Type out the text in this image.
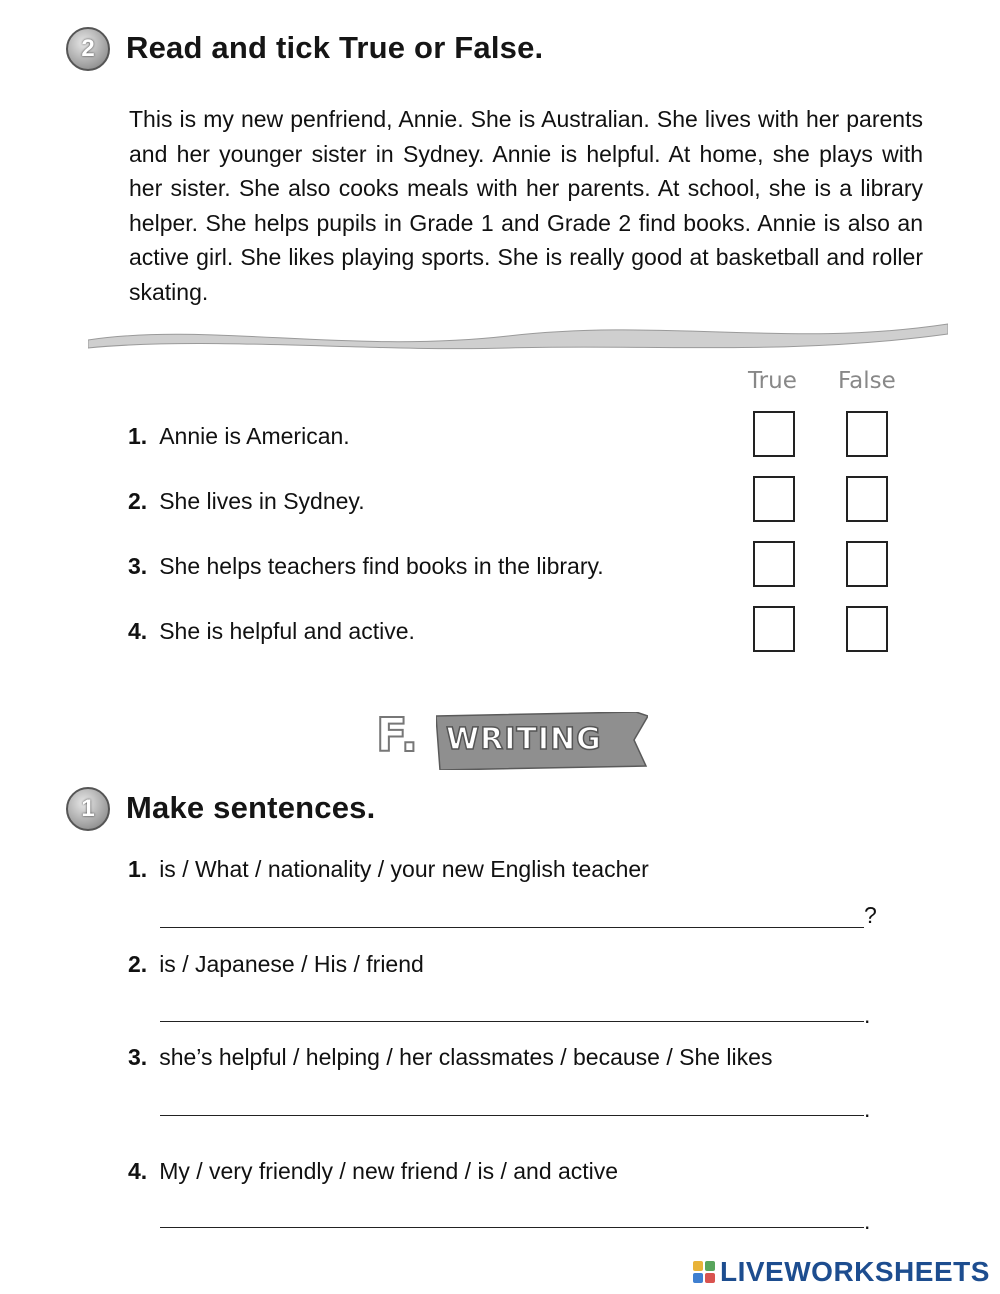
2 Read and tick True or False.
This is my new penfriend, Annie. She is Australian. She lives with her parents and her younger sister in Sydney. Annie is helpful. At home, she plays with her sister. She also cooks meals with her parents. At school, she is a library helper. She helps pupils in Grade 1 and Grade 2 find books. Annie is also an active girl. She likes playing sports. She is really good at basketball and roller skating.
True False
1. Annie is American.
2. She lives in Sydney.
3. She helps teachers find books in the library.
4. She is helpful and active.
F. WRITING
1 Make sentences.
1. is / What / nationality / your new English teacher
?
2. is / Japanese / His / friend
.
3. she’s helpful / helping / her classmates / because / She likes
.
4. My / very friendly / new friend / is / and active
.
LIVEWORKSHEETS
